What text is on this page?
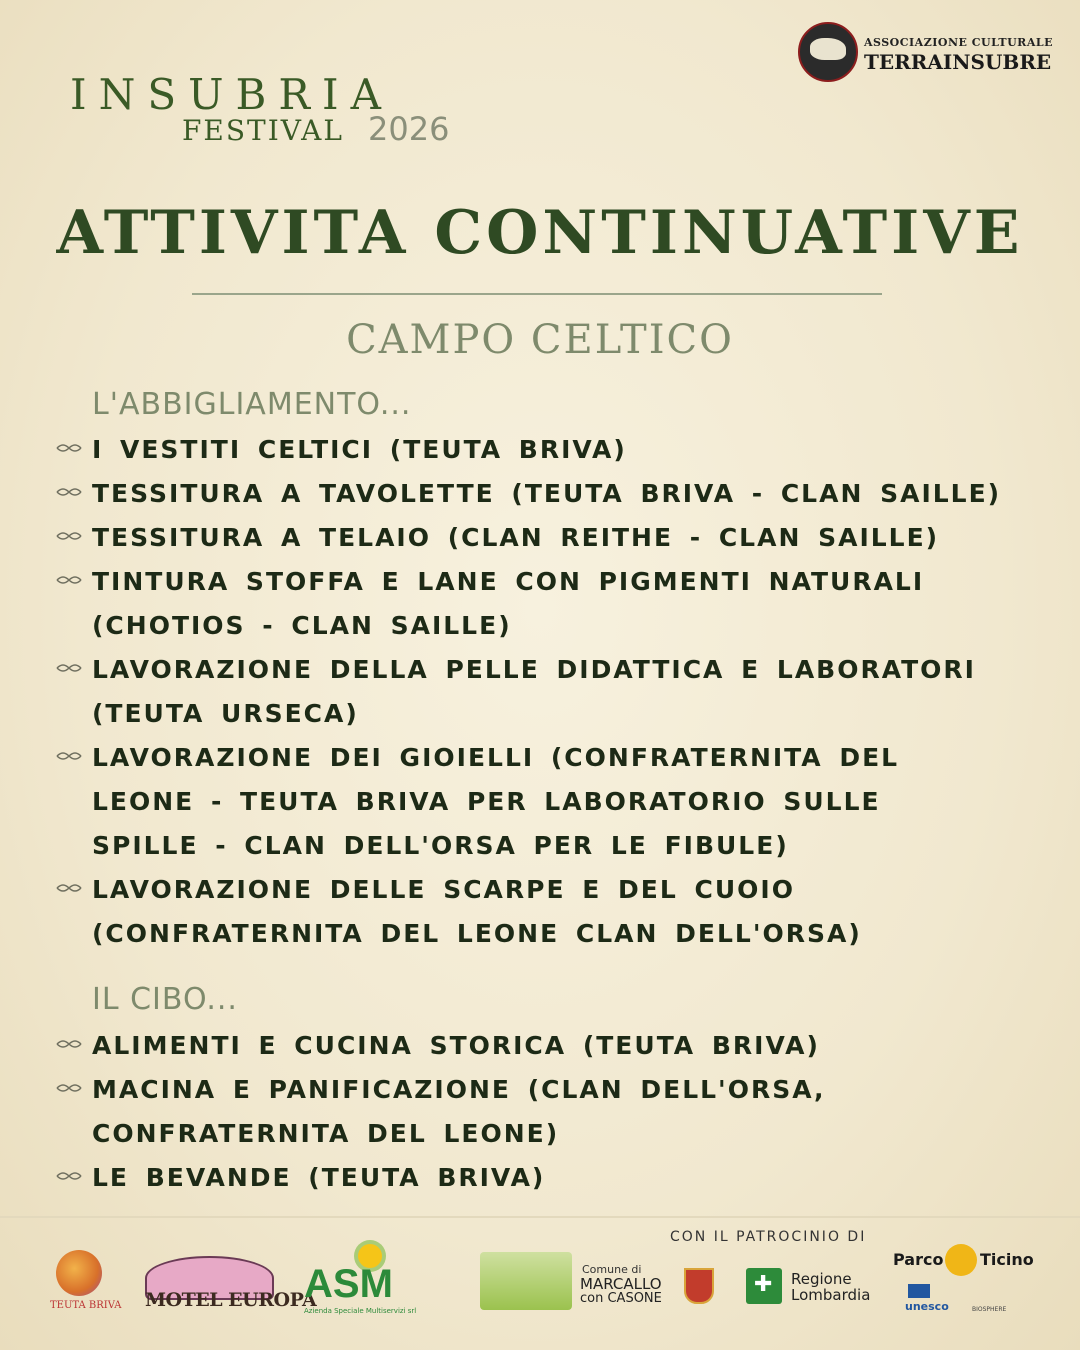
INSUBRIA
FESTIVAL 2026
ASSOCIAZIONE CULTURALE
TERRAINSUBRE
ATTIVITA CONTINUATIVE
CAMPO CELTICO
L'ABBIGLIAMENTO...
I VESTITI CELTICI (TEUTA BRIVA)
TESSITURA A TAVOLETTE (TEUTA BRIVA - CLAN SAILLE)
TESSITURA A TELAIO (CLAN REITHE - CLAN SAILLE)
TINTURA STOFFA E LANE CON PIGMENTI NATURALI (CHOTIOS - CLAN SAILLE)
LAVORAZIONE DELLA PELLE DIDATTICA E LABORATORI (TEUTA URSECA)
LAVORAZIONE DEI GIOIELLI (CONFRATERNITA DEL LEONE - TEUTA BRIVA PER LABORATORIO SULLE SPILLE - CLAN DELL'ORSA PER LE FIBULE)
LAVORAZIONE DELLE SCARPE E DEL CUOIO (CONFRATERNITA DEL LEONE CLAN DELL'ORSA)
IL CIBO...
ALIMENTI E CUCINA STORICA (TEUTA BRIVA)
MACINA E PANIFICAZIONE (CLAN DELL'ORSA, CONFRATERNITA DEL LEONE)
LE BEVANDE (TEUTA BRIVA)
CON IL PATROCINIO DI
TEUTA BRIVA MOTEL EUROPA
ASM
Azienda Speciale Multiservizi srl
Comune di
MARCALLO
con CASONE
✚
Regione
Lombardia
Parco Ticino
unesco	BIOSPHERE
